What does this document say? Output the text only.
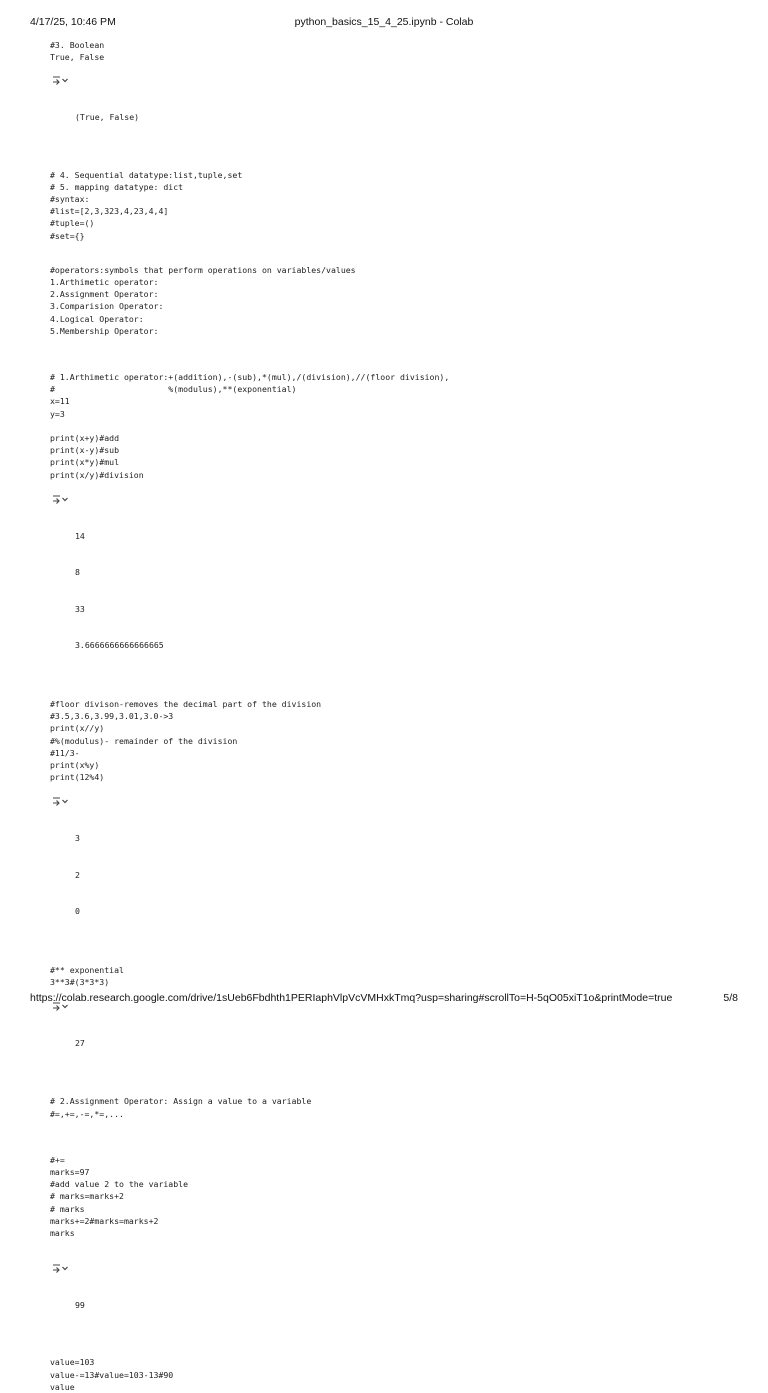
4/17/25, 10:46 PM	python_basics_15_4_25.ipynb - Colab
#3. Boolean
True, False

(True, False)

# 4. Sequential datatype:list,tuple,set
# 5. mapping datatype: dict
#syntax:
#list=[2,3,323,4,23,4,4]
#tuple=()
#set={}
#operators:symbols that perform operations on variables/values
1.Arthimetic operator:
2.Assignment Operator:
3.Comparision Operator:
4.Logical Operator:
5.Membership Operator:
# 1.Arthimetic operator:+(addition),-(sub),*(mul),/(division),//(floor division),
#                       %(modulus),**(exponential)
x=11
y=3

print(x+y)#add
print(x-y)#sub
print(x*y)#mul
print(x/y)#division

14

8

33

3.6666666666666665

#floor divison-removes the decimal part of the division
#3.5,3.6,3.99,3.01,3.0->3
print(x//y)
#%(modulus)- remainder of the division
#11/3-
print(x%y)
print(12%4)

3

2

0

#** exponential
3**3#(3*3*3)

27

# 2.Assignment Operator: Assign a value to a variable
#=,+=,-=,*=,...
#+=
marks=97
#add value 2 to the variable
# marks=marks+2
# marks
marks+=2#marks=marks+2
marks

99

value=103
value-=13#value=103-13#90
value
https://colab.research.google.com/drive/1sUeb6Fbdhth1PERIaphVlpVcVMHxkTmq?usp=sharing#scrollTo=H-5qO05xiT1o&printMode=true	5/8
